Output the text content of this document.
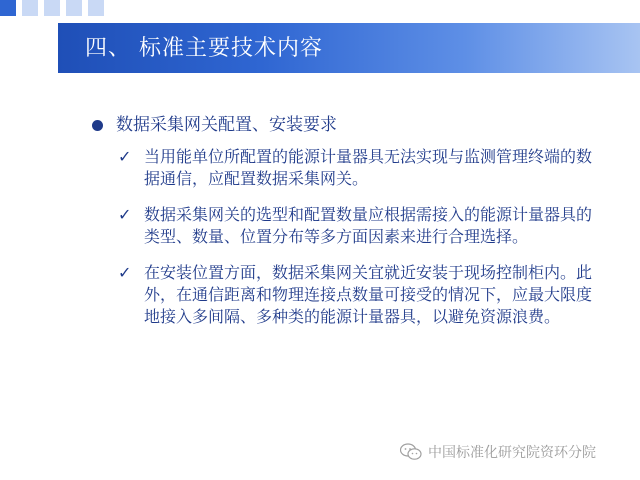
四、 标准主要技术内容
数据采集网关配置、安装要求
✓ 当用能单位所配置的能源计量器具无法实现与监测管理终端的数据通信，应配置数据采集网关。
✓ 数据采集网关的选型和配置数量应根据需接入的能源计量器具的类型、数量、位置分布等多方面因素来进行合理选择。
✓ 在安装位置方面，数据采集网关宜就近安装于现场控制柜内。此外，在通信距离和物理连接点数量可接受的情况下，应最大限度地接入多间隔、多种类的能源计量器具，以避免资源浪费。
中国标准化研究院资环分院
